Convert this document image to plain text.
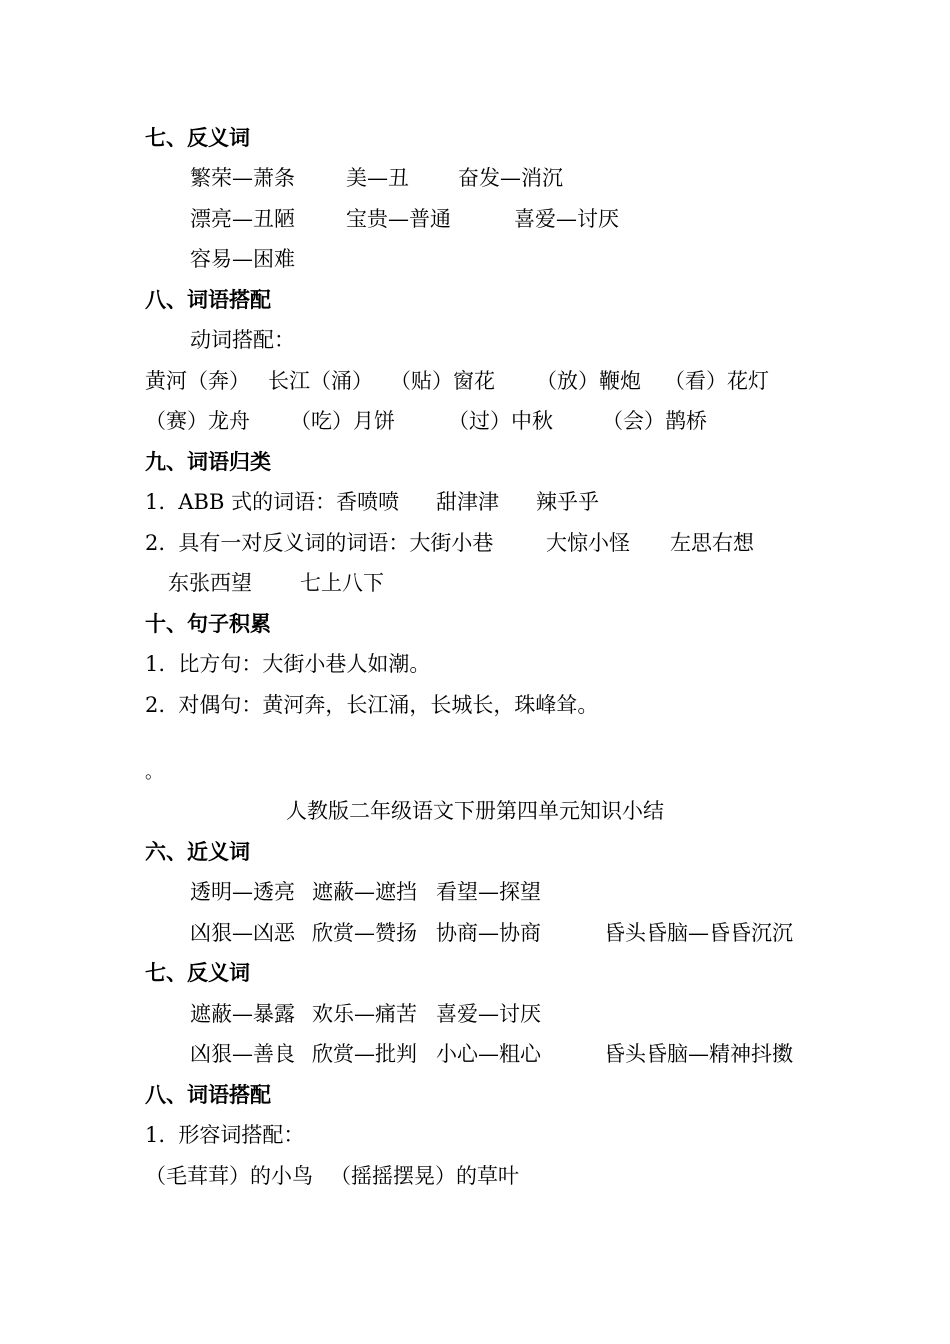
七、反义词
繁荣—萧条 美—丑 奋发—消沉
漂亮—丑陋 宝贵—普通	喜爱—讨厌
容易—困难
八、词语搭配
动词搭配：
黄河（奔） 长江（涌） （贴）窗花 （放）鞭炮 （看）花灯
（赛）龙舟 （吃）月饼	（过）中秋 （会）鹊桥
九、词语归类
1.  ABB 式的词语：香喷喷 甜津津 辣乎乎
2.  具有一对反义词的词语：大街小巷	大惊小怪 左思右想
东张西望 七上八下
十、句子积累
1.  比方句：大街小巷人如潮。
2.  对偶句：黄河奔，长江涌，长城长，珠峰耸。
。
人教版二年级语文下册第四单元知识小结
六、近义词
透明—透亮 遮蔽—遮挡 看望—探望
凶狠—凶恶 欣赏—赞扬 协商—协商	昏头昏脑—昏昏沉沉
七、反义词
遮蔽—暴露 欢乐—痛苦 喜爱—讨厌
凶狠—善良 欣赏—批判 小心—粗心	昏头昏脑—精神抖擞
八、词语搭配
1.  形容词搭配：
（毛茸茸）的小鸟 （摇摇摆晃）的草叶
